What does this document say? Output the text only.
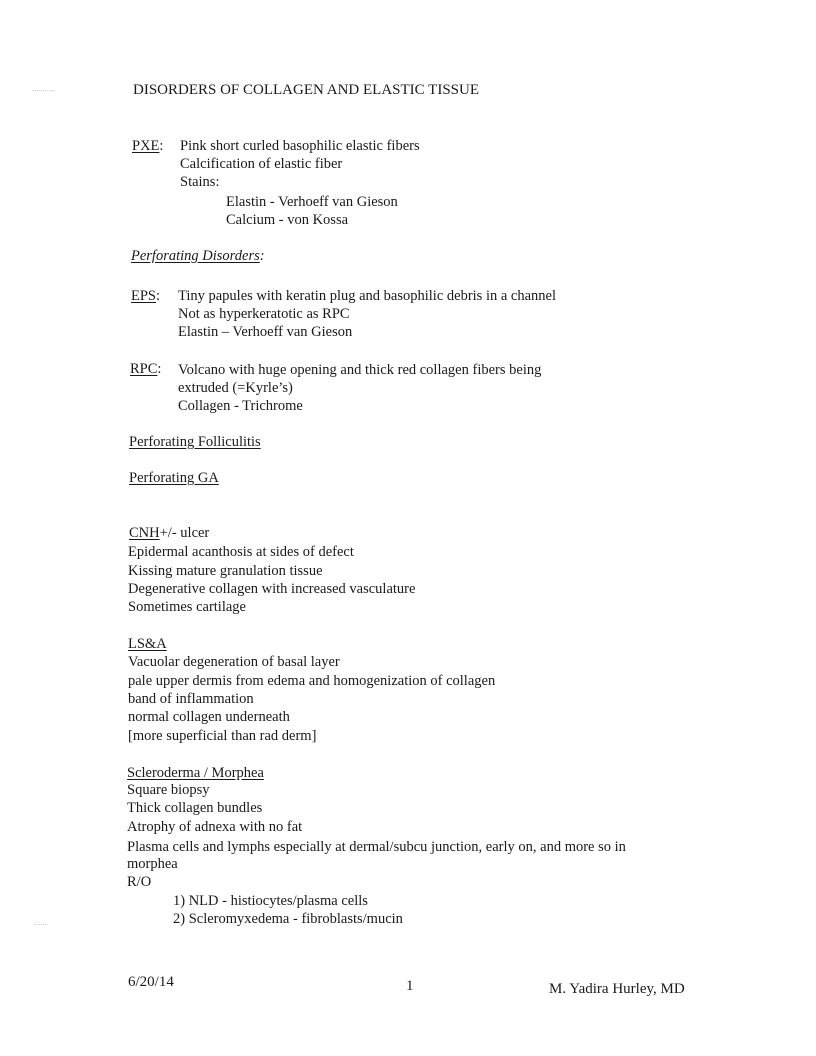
DISORDERS OF COLLAGEN AND ELASTIC TISSUE
PXE: Pink short curled basophilic elastic fibers
Calcification of elastic fiber
Stains:
Elastin - Verhoeff van Gieson
Calcium - von Kossa
Perforating Disorders:
EPS: Tiny papules with keratin plug and basophilic debris in a channel
Not as hyperkeratotic as RPC
Elastin – Verhoeff van Gieson
RPC: Volcano with huge opening and thick red collagen fibers being
extruded (=Kyrle’s)
Collagen - Trichrome
Perforating Folliculitis
Perforating GA
CNH+/- ulcer
Epidermal acanthosis at sides of defect
Kissing mature granulation tissue
Degenerative collagen with increased vasculature
Sometimes cartilage
LS&A
Vacuolar degeneration of basal layer
pale upper dermis from edema and homogenization of collagen
band of inflammation
normal collagen underneath
[more superficial than rad derm]
Scleroderma / Morphea
Square biopsy
Thick collagen bundles
Atrophy of adnexa with no fat
Plasma cells and lymphs especially at dermal/subcu junction, early on, and more so in
morphea
R/O
1) NLD - histiocytes/plasma cells
2) Scleromyxedema - fibroblasts/mucin
6/20/14	1	M. Yadira Hurley, MD
